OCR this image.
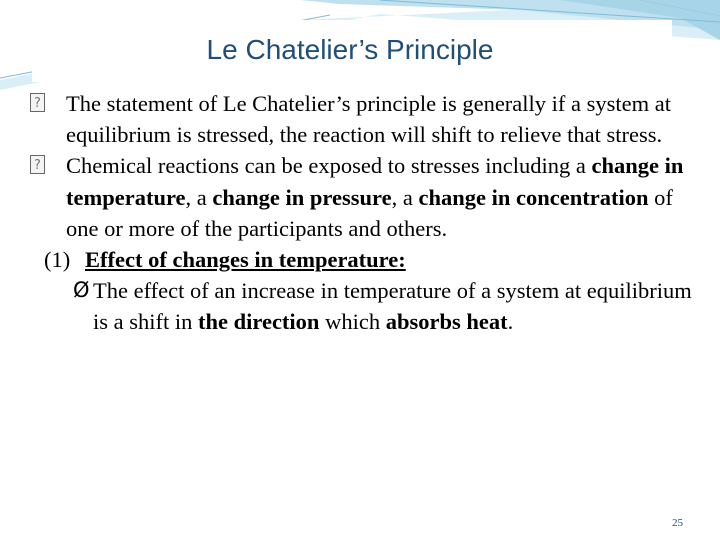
Le Chatelier’s Principle

?
The statement of Le Chatelier’s principle is generally if a system at equilibrium is stressed, the reaction will shift to relieve that stress.

?
Chemical reactions can be exposed to stresses including a change in temperature, a change in pressure, a change in concentration of one or more of the participants and others.

(1) Effect of changes in temperature:

Ø The effect of an increase in temperature of a system at equilibrium is a shift in the direction which absorbs heat.

25
